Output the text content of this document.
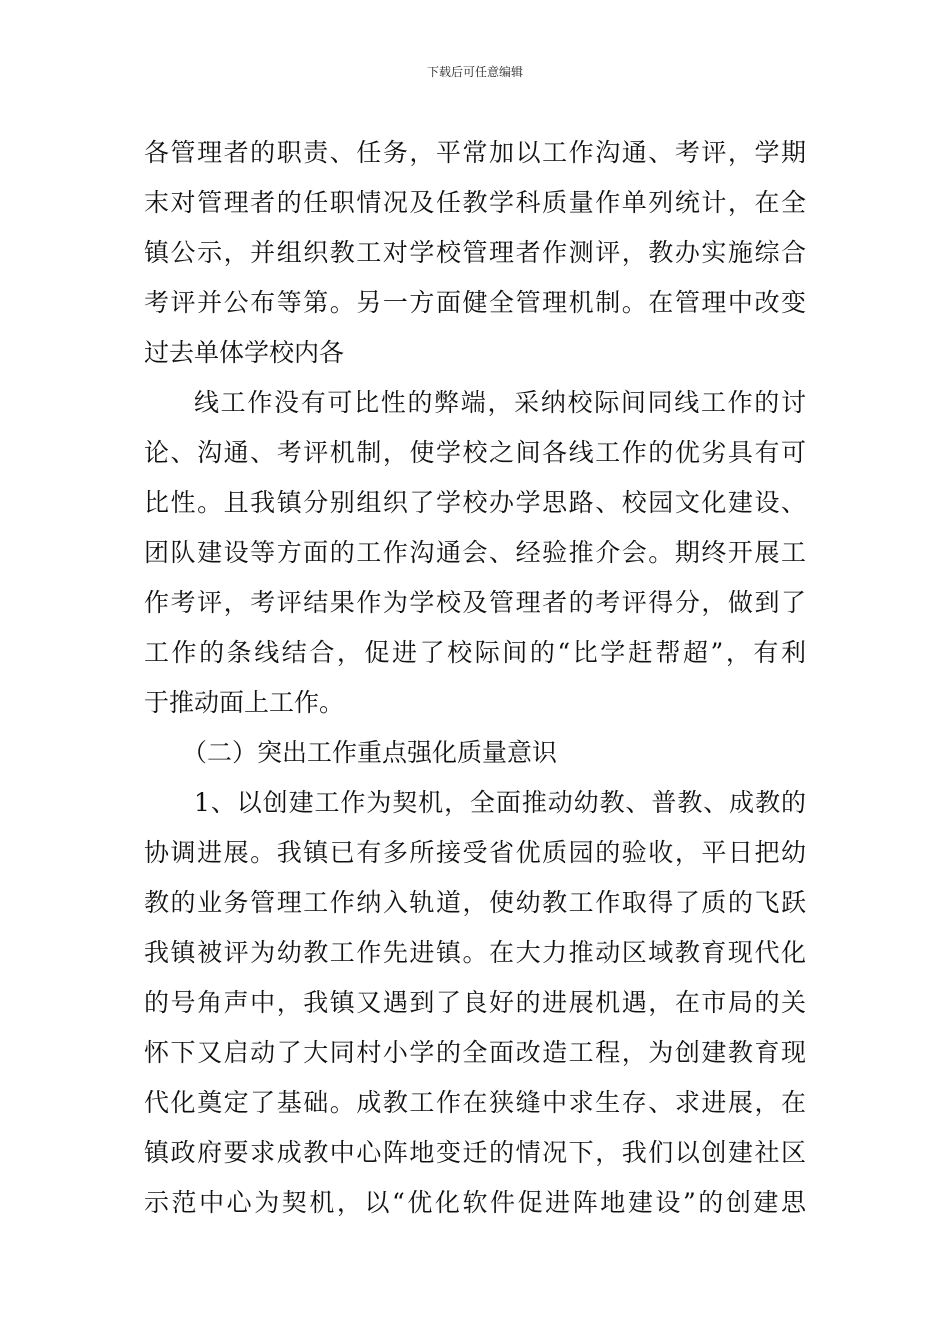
下载后可任意编辑
各管理者的职责、任务，平常加以工作沟通、考评，学期
末对管理者的任职情况及任教学科质量作单列统计，在全
镇公示，并组织教工对学校管理者作测评，教办实施综合
考评并公布等第。另一方面健全管理机制。在管理中改变
过去单体学校内各
线工作没有可比性的弊端，采纳校际间同线工作的讨
论、沟通、考评机制，使学校之间各线工作的优劣具有可
比性。且我镇分别组织了学校办学思路、校园文化建设、
团队建设等方面的工作沟通会、经验推介会。期终开展工
作考评，考评结果作为学校及管理者的考评得分，做到了
工作的条线结合，促进了校际间的“比学赶帮超”，有利
于推动面上工作。
（二）突出工作重点强化质量意识
1、以创建工作为契机，全面推动幼教、普教、成教的
协调进展。我镇已有多所接受省优质园的验收，平日把幼
教的业务管理工作纳入轨道，使幼教工作取得了质的飞跃
我镇被评为幼教工作先进镇。在大力推动区域教育现代化
的号角声中，我镇又遇到了良好的进展机遇，在市局的关
怀下又启动了大同村小学的全面改造工程，为创建教育现
代化奠定了基础。成教工作在狭缝中求生存、求进展，在
镇政府要求成教中心阵地变迁的情况下，我们以创建社区
示范中心为契机，以“优化软件促进阵地建设”的创建思
